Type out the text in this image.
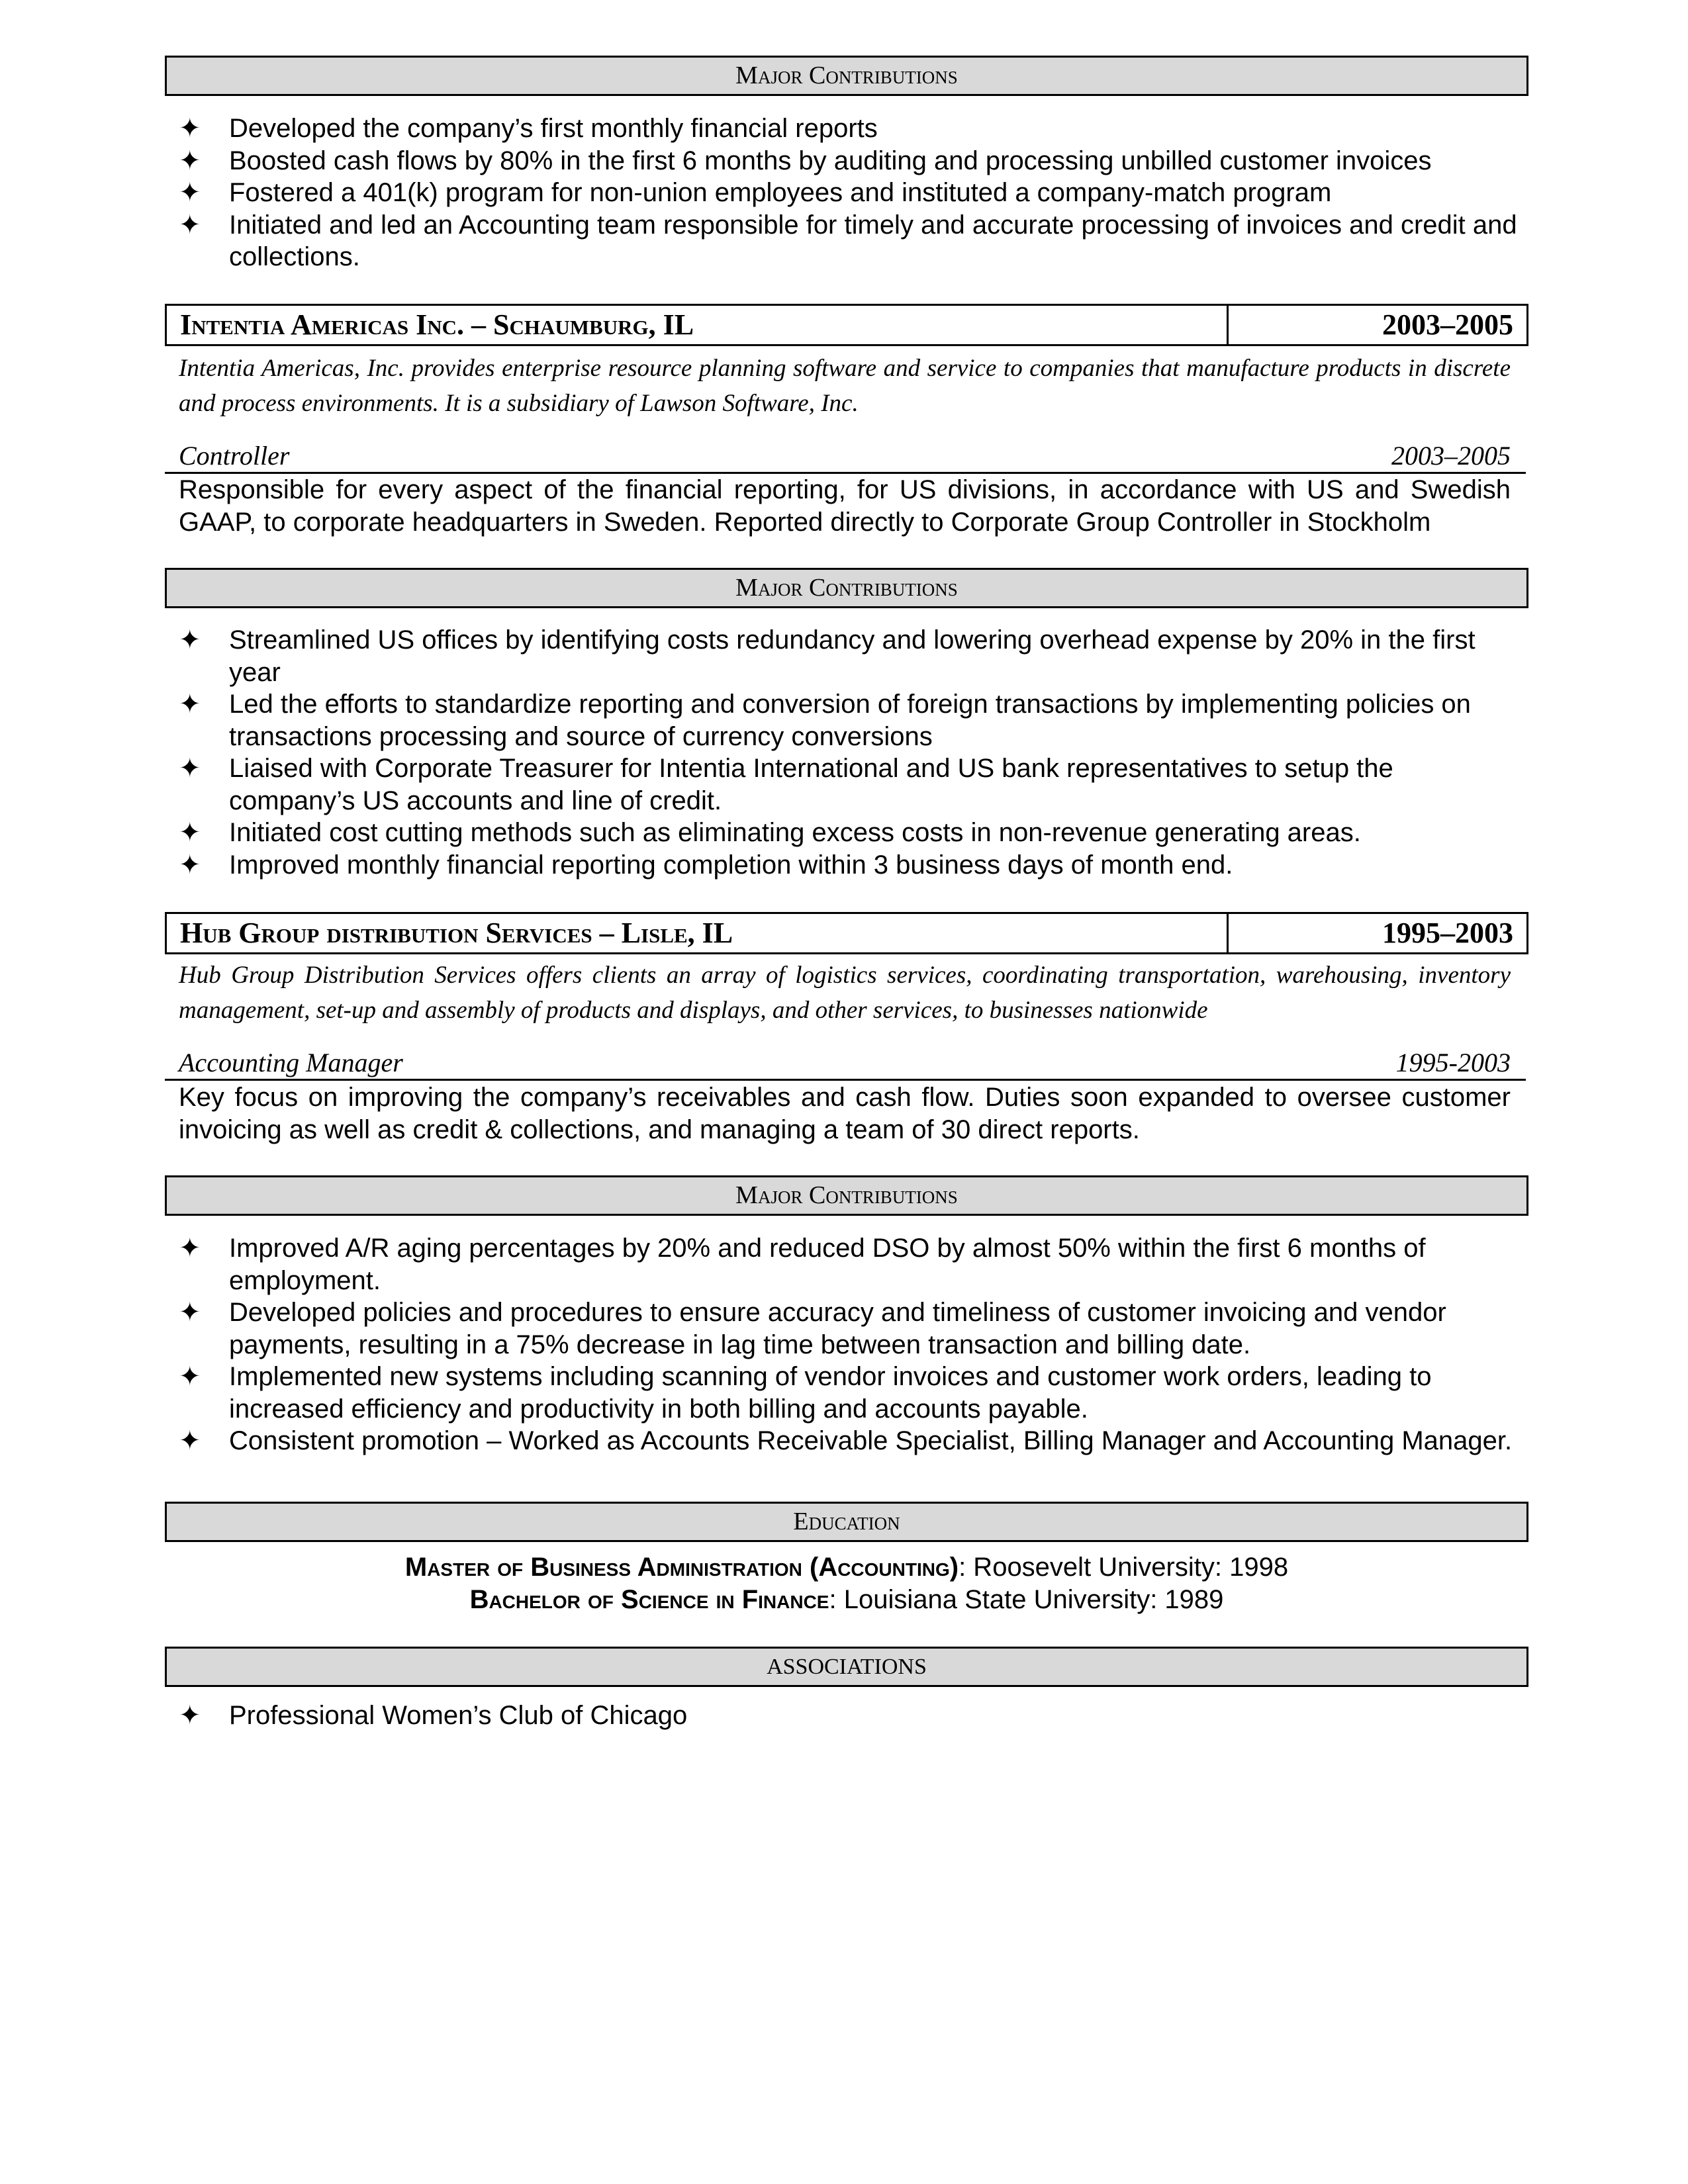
Major Contributions
✦ Developed the company’s first monthly financial reports
✦ Boosted cash flows by 80% in the first 6 months by auditing and processing unbilled customer invoices
✦ Fostered a 401(k) program for non-union employees and instituted a company-match program
✦ Initiated and led an Accounting team responsible for timely and accurate processing of invoices and credit and collections.
Intentia Americas Inc. – Schaumburg, IL	2003–2005
Intentia Americas, Inc. provides enterprise resource planning software and service to companies that manufacture products in discrete and process environments. It is a subsidiary of Lawson Software, Inc.
Controller	2003–2005
Responsible for every aspect of the financial reporting, for US divisions, in accordance with US and Swedish GAAP, to corporate headquarters in Sweden. Reported directly to Corporate Group Controller in Stockholm
Major Contributions
✦ Streamlined US offices by identifying costs redundancy and lowering overhead expense by 20% in the first year
✦ Led the efforts to standardize reporting and conversion of foreign transactions by implementing policies on transactions processing and source of currency conversions
✦ Liaised with Corporate Treasurer for Intentia International and US bank representatives to setup the company’s US accounts and line of credit.
✦ Initiated cost cutting methods such as eliminating excess costs in non-revenue generating areas.
✦ Improved monthly financial reporting completion within 3 business days of month end.
Hub Group distribution Services – Lisle, IL	1995–2003
Hub Group Distribution Services offers clients an array of logistics services, coordinating transportation, warehousing, inventory management, set-up and assembly of products and displays, and other services, to businesses nationwide
Accounting Manager	1995-2003
Key focus on improving the company’s receivables and cash flow. Duties soon expanded to oversee customer invoicing as well as credit & collections, and managing a team of 30 direct reports.
Major Contributions
✦ Improved A/R aging percentages by 20% and reduced DSO by almost 50% within the first 6 months of employment.
✦ Developed policies and procedures to ensure accuracy and timeliness of customer invoicing and vendor payments, resulting in a 75% decrease in lag time between transaction and billing date.
✦ Implemented new systems including scanning of vendor invoices and customer work orders, leading to increased efficiency and productivity in both billing and accounts payable.
✦ Consistent promotion – Worked as Accounts Receivable Specialist, Billing Manager and Accounting Manager.
Education
Master of Business Administration (Accounting): Roosevelt University: 1998
Bachelor of Science in Finance: Louisiana State University: 1989
ASSOCIATIONS
✦ Professional Women’s Club of Chicago
